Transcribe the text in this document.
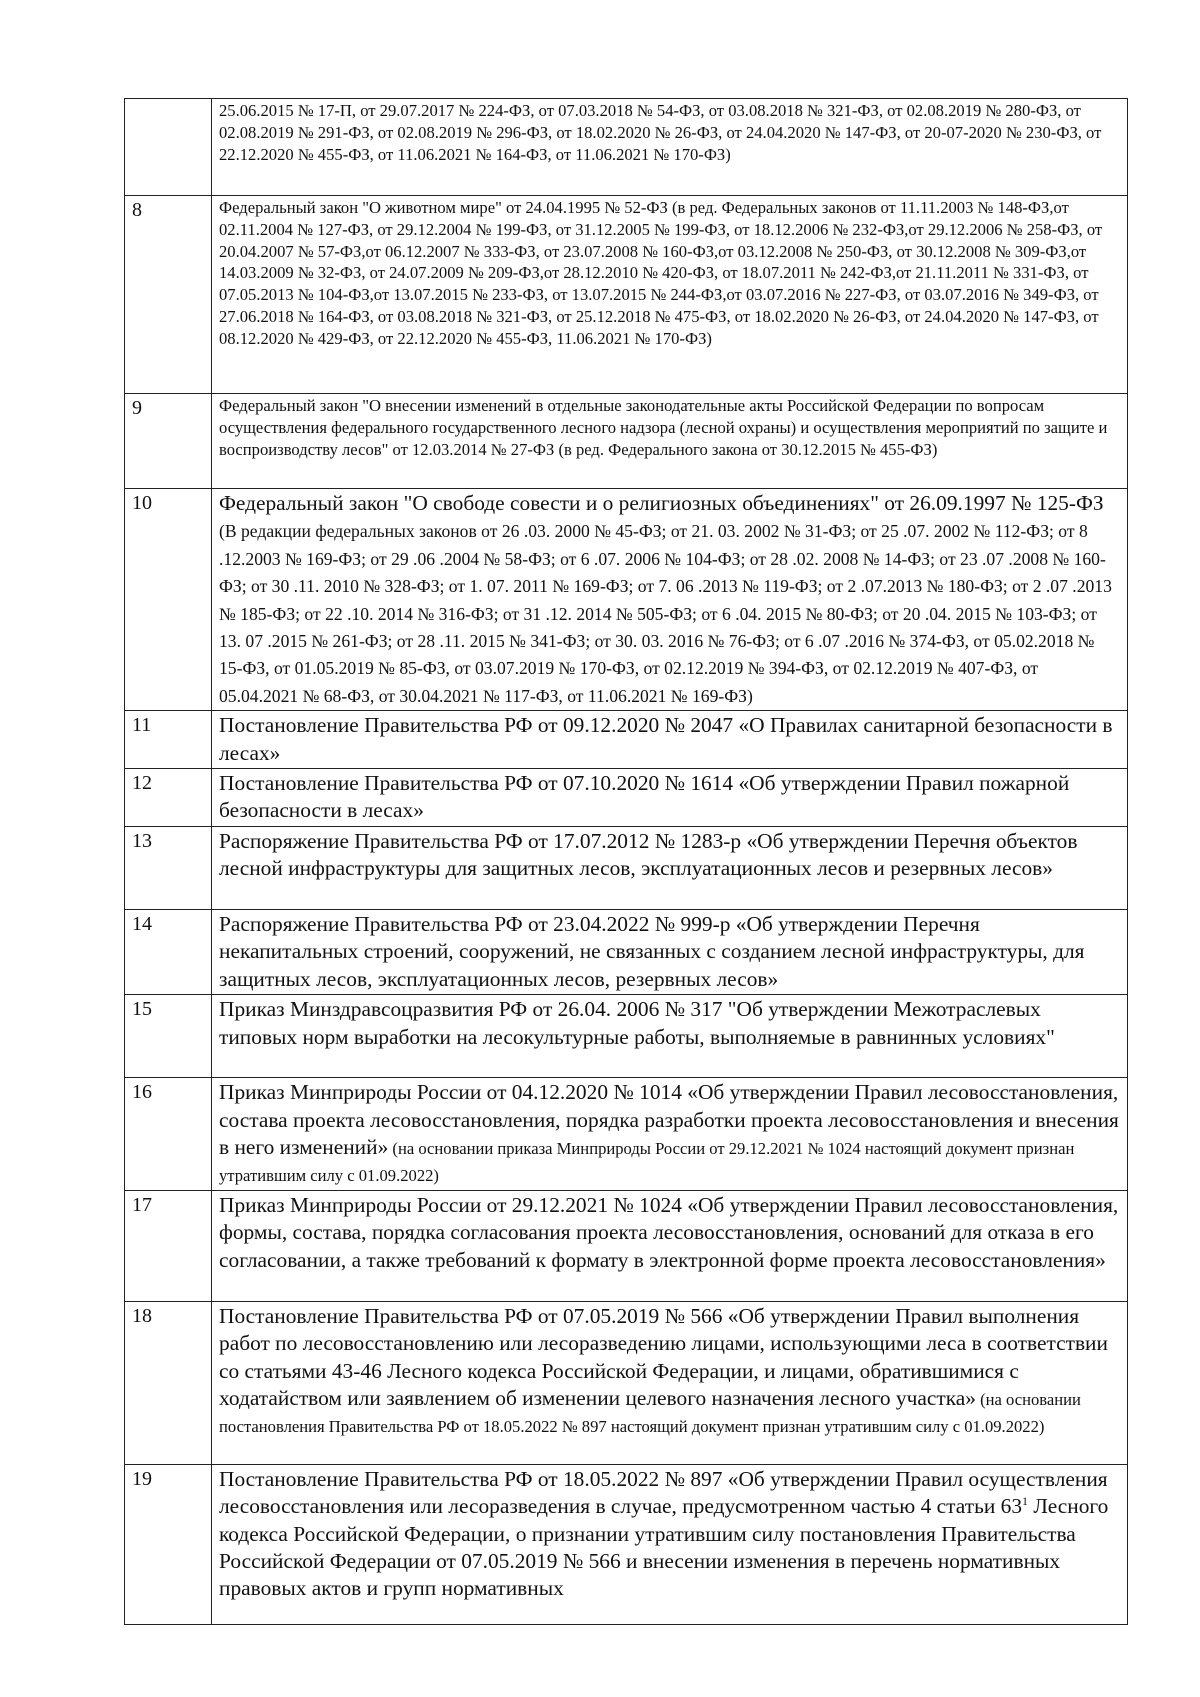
	25.06.2015 № 17-П, от 29.07.2017 № 224-ФЗ, от 07.03.2018 № 54-ФЗ, от 03.08.2018 № 321-ФЗ, от 02.08.2019 № 280-ФЗ, от 02.08.2019 № 291-ФЗ, от 02.08.2019 № 296-ФЗ, от 18.02.2020 № 26-ФЗ, от 24.04.2020 № 147-ФЗ, от 20-07-2020 № 230-ФЗ, от 22.12.2020 № 455-ФЗ, от 11.06.2021 № 164-ФЗ, от 11.06.2021 № 170-ФЗ)
8	Федеральный закон "О животном мире" от 24.04.1995 № 52-ФЗ (в ред. Федеральных законов от 11.11.2003 № 148-ФЗ,от 02.11.2004 № 127-ФЗ, от 29.12.2004 № 199-ФЗ, от 31.12.2005 № 199-ФЗ, от 18.12.2006 № 232-ФЗ,от 29.12.2006 № 258-ФЗ, от 20.04.2007 № 57-ФЗ,от 06.12.2007 № 333-ФЗ, от 23.07.2008 № 160-ФЗ,от 03.12.2008 № 250-ФЗ, от 30.12.2008 № 309-ФЗ,от 14.03.2009 № 32-ФЗ, от 24.07.2009 № 209-ФЗ,от 28.12.2010 № 420-ФЗ, от 18.07.2011 № 242-ФЗ,от 21.11.2011 № 331-ФЗ, от 07.05.2013 № 104-ФЗ,от 13.07.2015 № 233-ФЗ, от 13.07.2015 № 244-ФЗ,от 03.07.2016 № 227-ФЗ, от 03.07.2016 № 349-ФЗ, от 27.06.2018 № 164-ФЗ, от 03.08.2018 № 321-ФЗ, от 25.12.2018 № 475-ФЗ, от 18.02.2020 № 26-ФЗ, от 24.04.2020 № 147-ФЗ, от 08.12.2020 № 429-ФЗ, от 22.12.2020 № 455-ФЗ, 11.06.2021 № 170-ФЗ)
9	Федеральный закон "О внесении изменений в отдельные законодательные акты Российской Федерации по вопросам осуществления федерального государственного лесного надзора (лесной охраны) и осуществления мероприятий по защите и воспроизводству лесов" от 12.03.2014 № 27-ФЗ (в ред. Федерального закона от 30.12.2015 № 455-ФЗ)
10	Федеральный закон "О свободе совести и о религиозных объединениях" от 26.09.1997 № 125-ФЗ (В редакции федеральных законов от 26 .03. 2000 № 45-ФЗ; от 21. 03. 2002 № 31-ФЗ; от 25 .07. 2002 № 112-ФЗ; от 8 .12.2003 № 169-ФЗ; от 29 .06 .2004 № 58-ФЗ; от 6 .07. 2006 № 104-ФЗ; от 28 .02. 2008 № 14-ФЗ; от 23 .07 .2008 № 160-ФЗ; от 30 .11. 2010 № 328-ФЗ; от 1. 07. 2011 № 169-ФЗ; от 7. 06 .2013 № 119-ФЗ; от 2 .07.2013 № 180-ФЗ; от 2 .07 .2013 № 185-ФЗ; от 22 .10. 2014 № 316-ФЗ; от 31 .12. 2014 № 505-ФЗ; от 6 .04. 2015 № 80-ФЗ; от 20 .04. 2015 № 103-ФЗ; от 13. 07 .2015 № 261-ФЗ; от 28 .11. 2015 № 341-ФЗ; от 30. 03. 2016 № 76-ФЗ; от 6 .07 .2016 № 374-ФЗ, от 05.02.2018 № 15-ФЗ, от 01.05.2019 № 85-ФЗ, от 03.07.2019 № 170-ФЗ, от 02.12.2019 № 394-ФЗ, от 02.12.2019 № 407-ФЗ, от 05.04.2021 № 68-ФЗ, от 30.04.2021 № 117-ФЗ, от 11.06.2021 № 169-ФЗ)
11	Постановление Правительства РФ от 09.12.2020 № 2047 «О Правилах санитарной безопасности в лесах»
12	Постановление Правительства РФ от 07.10.2020 № 1614 «Об утверждении Правил пожарной безопасности в лесах»
13	Распоряжение Правительства РФ от 17.07.2012 № 1283-р «Об утверждении Перечня объектов лесной инфраструктуры для защитных лесов, эксплуатационных лесов и резервных лесов»
14	Распоряжение Правительства РФ от 23.04.2022 № 999-р «Об утверждении Перечня некапитальных строений, сооружений, не связанных с созданием лесной инфраструктуры, для защитных лесов, эксплуатационных лесов, резервных лесов»
15	Приказ Минздравсоцразвития РФ от 26.04. 2006 № 317 "Об утверждении Межотраслевых типовых норм выработки на лесокультурные работы, выполняемые в равнинных условиях"
16	Приказ Минприроды России от 04.12.2020 № 1014 «Об утверждении Правил лесовосстановления, состава проекта лесовосстановления, порядка разработки проекта лесовосстановления и внесения в него изменений» (на основании приказа Минприроды России от 29.12.2021 № 1024 настоящий документ признан утратившим силу с 01.09.2022)
17	Приказ Минприроды России от 29.12.2021 № 1024 «Об утверждении Правил лесовосстановления, формы, состава, порядка согласования проекта лесовосстановления, оснований для отказа в его согласовании, а также требований к формату в электронной форме проекта лесовосстановления»
18	Постановление Правительства РФ от 07.05.2019 № 566 «Об утверждении Правил выполнения работ по лесовосстановлению или лесоразведению лицами, использующими леса в соответствии со статьями 43-46 Лесного кодекса Российской Федерации, и лицами, обратившимися с ходатайством или заявлением об изменении целевого назначения лесного участка» (на основании постановления Правительства РФ от 18.05.2022 № 897 настоящий документ признан утратившим силу с 01.09.2022)
19	Постановление Правительства РФ от 18.05.2022 № 897 «Об утверждении Правил осуществления лесовосстановления или лесоразведения в случае, предусмотренном частью 4 статьи $63^1$ Лесного кодекса Российской Федерации, о признании утратившим силу постановления Правительства Российской Федерации от 07.05.2019 № 566 и внесении изменения в перечень нормативных правовых актов и групп нормативных
